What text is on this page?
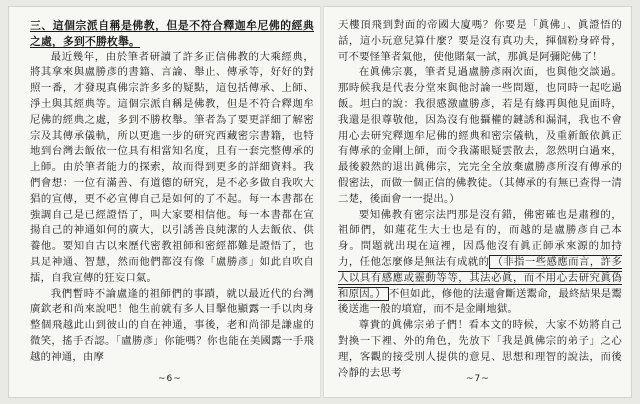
三、這個宗派自稱是佛教，但是不符合釋迦牟尼佛的經典之處，多到不勝枚舉。

最近幾年，由於筆者研讀了許多正信佛教的大乘經典，將其拿來與盧勝彥的書籍、言論、舉止、傳承等，好好的對照一番，才發現真佛宗許多多的疑點，這包括傳承、上師、淨土與其經典等。這個宗派自稱是佛教，但是不符合釋迦牟尼佛的經典之處，多到不勝枚舉。筆者為了要更詳細了解密宗及其傳承儀軌，所以更進一步的研究西藏密宗書籍，也特地到台灣去飯依一位具有相當知名度，且有一套完整傳承的上師。由於筆者能力的探索，故而得到更多的詳細資料。我們會想：一位有滿善、有道德的研究，是不必多做自我吹大猖的宣傳，更不必宣傳自己是如何的了不起。每一本書都在強調自己是已經證悟了，叫大家要相信他。每一本書都在宣揚自己的神通如何的廣大，以引誘善良純潔的人去飯依、供養他。要知自古以來歷代密教祖師和密經都難是證悟了，也具足神通、智慧，然而他們都沒有像「盧勝彥」如此自吹自擂，自我宣傳的狂妄口氣。

我們暫時不論盧逢的祖師們的事蹟，就以最近代的台灣廣欽老和尚來說吧！他生前就有多人目擊他顯露一手以肉身整個飛越此山到彼山的自在神通，事後，老和尚卻是謙虛的微笑，搖手否認。「盧勝彥」你能嗎？你也能在美國露一手飛越的神通，由摩

~6~

天樓頂飛到對面的帝國大廈嗎？你要是「眞佛」、眞證悟的話，這小玩意兒算什麼？要是沒有真功夫，揮個粉身碎骨，可不要怪筆者氣他，使他賭氣一試，那眞是阿彌陀佛了！

在眞佛宗裏，筆者見過盧勝彥兩次面，也與他交談過。那時候我是代表分堂來與他討論一些問題，也同時一起吃過飯。坦白的說：我很感激盧勝彥，若是有緣再與他見面時，我還是很尊敬他，因為沒有他攝權的鏈誘和漏洞，我也不會用心去研究釋迦牟尼佛的經典和密宗儀軌，及重新飯依眞正有傳承的金剛上師，而令我滿眼疑雲散去，忽然明白過來，最後毅然的退出眞佛宗，完完全全放棄盧勝彥所沒有傳承的假密法，而做一個正信的佛教徒。（其傳承的有無已查得一清二楚，後面會一一提出。）

要知佛教有密宗法門那是沒有錯，佛密確也是肅穆的，祖師們，如蓮花生大士也是有的，而越的是盧勝彥自己本身。問題就出現在這裡，因爲他沒有眞正師承來源的加持力，任他怎麼修是無法有成就的 （非指一些感應而言，許多人以具有感應或靈動等等，其法必眞，而不用心去研究眞偽和原因。） 不但如此，修他的法還會斷送鬻命，最終結果是鬻後送進一般的墳窟，而不是金剛地獄。

尊貴的眞佛宗弟子們！看本文的時候，大家不妨將自己對換一下裡、外的角色，先放下「我是眞佛宗的弟子」之心理，客觀的接受別人提供的意見、思想和理智的說法，而後冷靜的去思考

~7~
